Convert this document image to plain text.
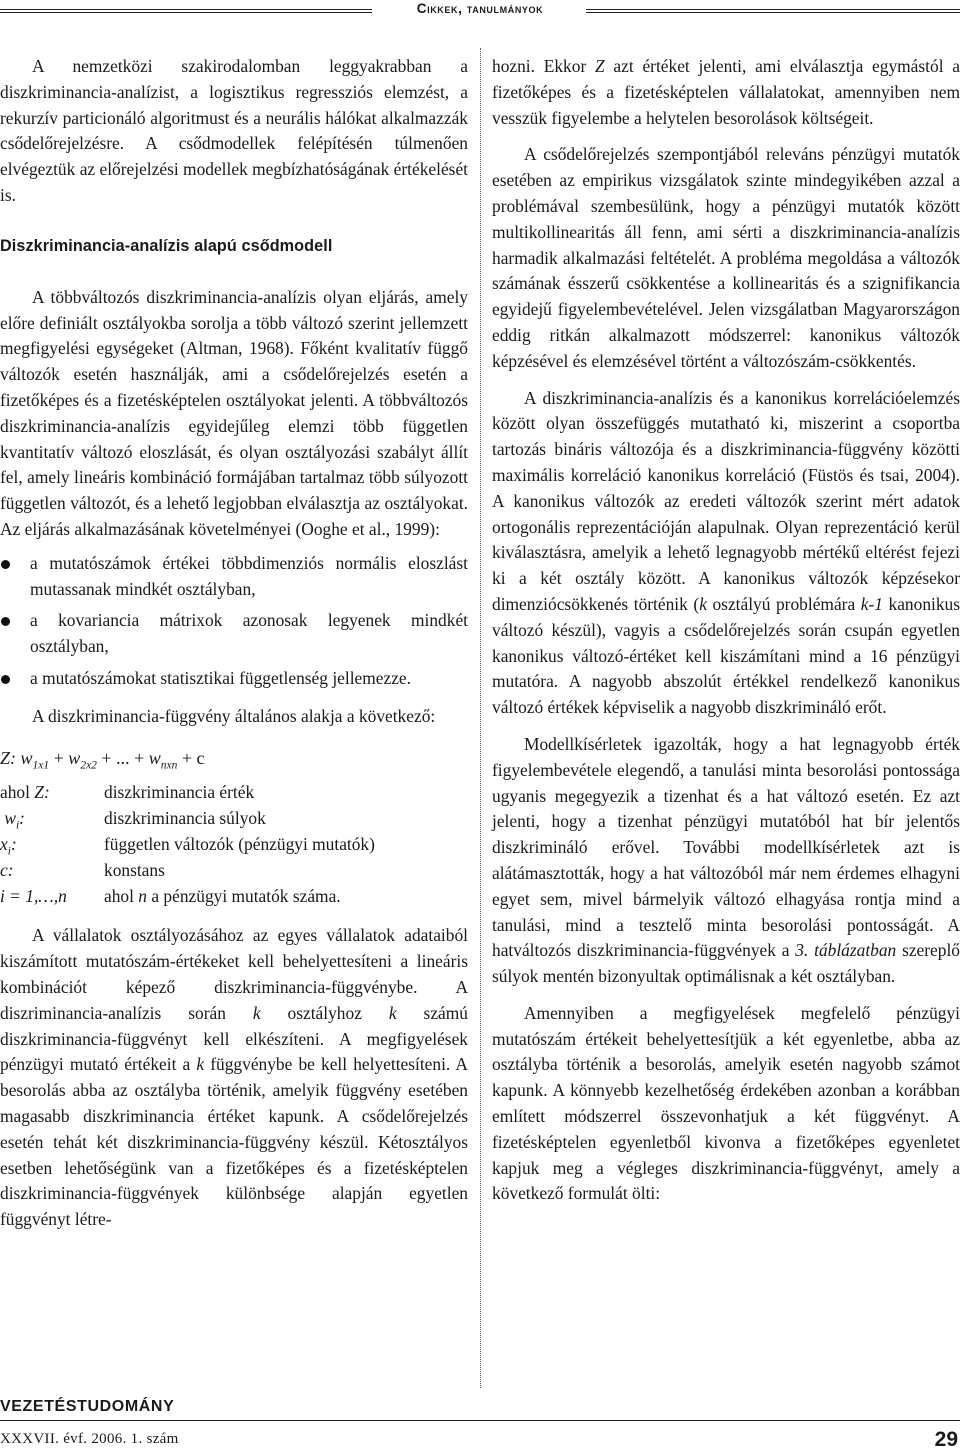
Cikkek, tanulmányok

A nemzetközi szakirodalomban leggyakrabban a diszkriminancia-analízist, a logisztikus regressziós elemzést, a rekurzív particionáló algoritmust és a neurális hálókat alkalmazzák csődelőrejelzésre. A csődmodellek felépítésén túlmenően elvégeztük az előrejelzési modellek megbízhatóságának értékelését is.

Diszkriminancia-analízis alapú csődmodell

A többváltozós diszkriminancia-analízis olyan eljárás, amely előre definiált osztályokba sorolja a több változó szerint jellemzett megfigyelési egységeket (Altman, 1968). Főként kvalitatív függő változók esetén használják, ami a csődelőrejelzés esetén a fizetőképes és a fizetésképtelen osztályokat jelenti. A többváltozós diszkriminancia-analízis egyidejűleg elemzi több független kvantitatív változó eloszlását, és olyan osztályozási szabályt állít fel, amely lineáris kombináció formájában tartalmaz több súlyozott független változót, és a lehető legjobban elválasztja az osztályokat. Az eljárás alkalmazásának követelményei (Ooghe et al., 1999):

a mutatószámok értékei többdimenziós normális eloszlást mutassanak mindkét osztályban,
a kovariancia mátrixok azonosak legyenek mindkét osztályban,
a mutatószámokat statisztikai függetlenség jellemezze.

A diszkriminancia-függvény általános alakja a következő:

Z: $w_{1x1} + w_{2x2}$ + ... + $w_{nxn} + c$
ahol Z:	diszkriminancia érték
$w_i$:	diszkriminancia súlyok
$x_i$:	független változók (pénzügyi mutatók)
c:	konstans
i = 1,…,n	ahol n a pénzügyi mutatók száma.

A vállalatok osztályozásához az egyes vállalatok adataiból kiszámított mutatószám-értékeket kell behelyettesíteni a lineáris kombinációt képező diszkriminancia-függvénybe. A diszriminancia-analízis során k osztályhoz k számú diszkriminancia-függvényt kell elkészíteni. A megfigyelések pénzügyi mutató értékeit a k függvénybe be kell helyettesíteni. A besorolás abba az osztályba történik, amelyik függvény esetében magasabb diszkriminancia értéket kapunk. A csődelőrejelzés esetén tehát két diszkriminancia-függvény készül. Kétosztályos esetben lehetőségünk van a fizetőképes és a fizetésképtelen diszkriminancia-függvények különbsége alapján egyetlen függvényt létre-

hozni. Ekkor Z azt értéket jelenti, ami elválasztja egymástól a fizetőképes és a fizetésképtelen vállalatokat, amennyiben nem vesszük figyelembe a helytelen besorolások költségeit.

A csődelőrejelzés szempontjából releváns pénzügyi mutatók esetében az empirikus vizsgálatok szinte mindegyikében azzal a problémával szembesülünk, hogy a pénzügyi mutatók között multikollinearitás áll fenn, ami sérti a diszkriminancia-analízis harmadik alkalmazási feltételét. A probléma megoldása a változók számának ésszerű csökkentése a kollinearitás és a szignifikancia egyidejű figyelembevételével. Jelen vizsgálatban Magyarországon eddig ritkán alkalmazott módszerrel: kanonikus változók képzésével és elemzésével történt a változószám-csökkentés.

A diszkriminancia-analízis és a kanonikus korrelációelemzés között olyan összefüggés mutatható ki, miszerint a csoportba tartozás bináris változója és a diszkriminancia-függvény közötti maximális korreláció kanonikus korreláció (Füstös és tsai, 2004). A kanonikus változók az eredeti változók szerint mért adatok ortogonális reprezentációján alapulnak. Olyan reprezentáció kerül kiválasztásra, amelyik a lehető legnagyobb mértékű eltérést fejezi ki a két osztály között. A kanonikus változók képzésekor dimenziócsökkenés történik (k osztályú problémára k-1 kanonikus változó készül), vagyis a csődelőrejelzés során csupán egyetlen kanonikus változó-értéket kell kiszámítani mind a 16 pénzügyi mutatóra. A nagyobb abszolút értékkel rendelkező kanonikus változó értékek képviselik a nagyobb diszkrimináló erőt.

Modellkísérletek igazolták, hogy a hat legnagyobb érték figyelembevétele elegendő, a tanulási minta besorolási pontossága ugyanis megegyezik a tizenhat és a hat változó esetén. Ez azt jelenti, hogy a tizenhat pénzügyi mutatóból hat bír jelentős diszkrimináló erővel. További modellkísérletek azt is alátámasztották, hogy a hat változóból már nem érdemes elhagyni egyet sem, mivel bármelyik változó elhagyása rontja mind a tanulási, mind a tesztelő minta besorolási pontosságát. A hatváltozós diszkriminancia-függvények a 3. táblázatban szereplő súlyok mentén bizonyultak optimálisnak a két osztályban.

Amennyiben a megfigyelések megfelelő pénzügyi mutatószám értékeit behelyettesítjük a két egyenletbe, abba az osztályba történik a besorolás, amelyik esetén nagyobb számot kapunk. A könnyebb kezelhetőség érdekében azonban a korábban említett módszerrel összevonhatjuk a két függvényt. A fizetésképtelen egyenletből kivonva a fizetőképes egyenletet kapjuk meg a végleges diszkriminancia-függvényt, amely a következő formulát ölti:

VEZETÉSTUDOMÁNY
XXXVII. évf. 2006. 1. szám	29
